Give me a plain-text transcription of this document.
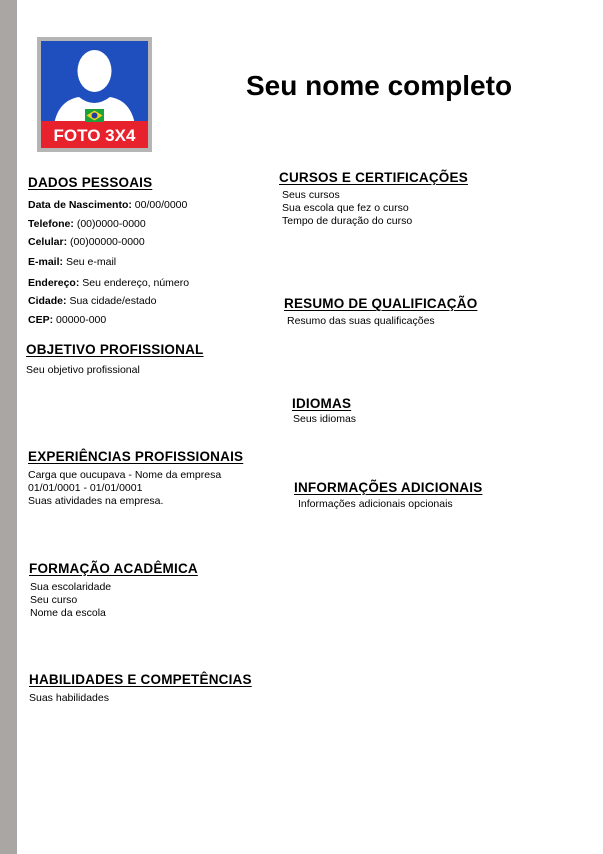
FOTO 3X4
Seu nome completo
DADOS PESSOAIS
Data de Nascimento: 00/00/0000
Telefone: (00)0000-0000
Celular: (00)00000-0000
E-mail: Seu e-mail
Endereço: Seu endereço, número
Cidade: Sua cidade/estado
CEP: 00000-000
OBJETIVO PROFISSIONAL
Seu objetivo profissional
EXPERIÊNCIAS PROFISSIONAIS
Carga que oucupava - Nome da empresa
01/01/0001 - 01/01/0001
Suas atividades na empresa.
FORMAÇÃO ACADÊMICA
Sua escolaridade
Seu curso
Nome da escola
HABILIDADES E COMPETÊNCIAS
Suas habilidades
CURSOS E CERTIFICAÇÕES
Seus cursos
Sua escola que fez o curso
Tempo de duração do curso
RESUMO DE QUALIFICAÇÃO
Resumo das suas qualificações
IDIOMAS
Seus idiomas
INFORMAÇÕES ADICIONAIS
Informações adicionais opcionais
